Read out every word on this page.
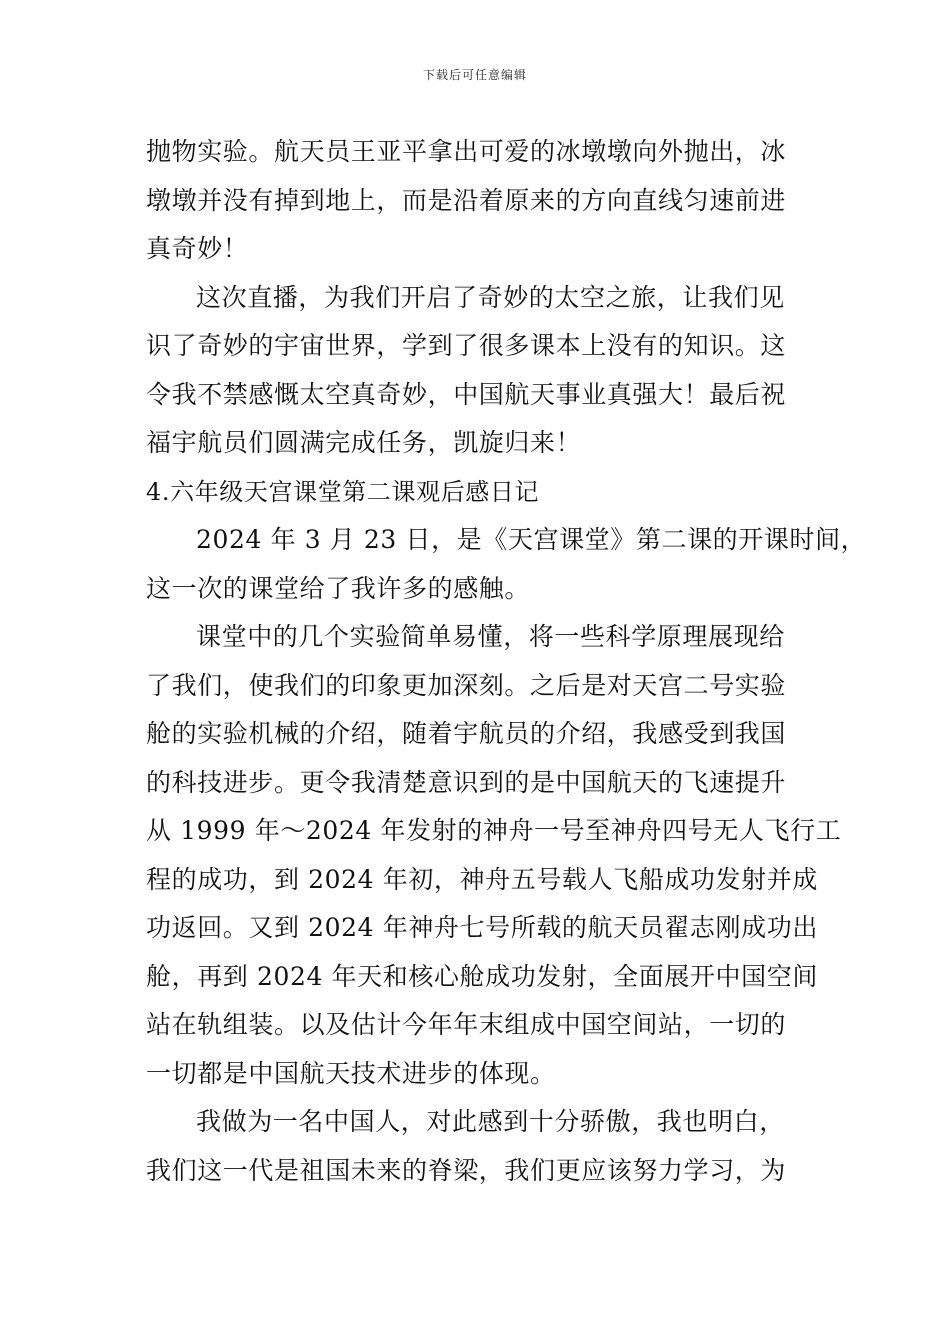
下载后可任意编辑
抛物实验。航天员王亚平拿出可爱的冰墩墩向外抛出，冰
墩墩并没有掉到地上，而是沿着原来的方向直线匀速前进
真奇妙！
这次直播，为我们开启了奇妙的太空之旅，让我们见
识了奇妙的宇宙世界，学到了很多课本上没有的知识。这
令我不禁感慨太空真奇妙，中国航天事业真强大！最后祝
福宇航员们圆满完成任务，凯旋归来！
4.六年级天宫课堂第二课观后感日记
2024 年 3 月 23 日，是《天宫课堂》第二课的开课时间，
这一次的课堂给了我许多的感触。
课堂中的几个实验简单易懂，将一些科学原理展现给
了我们，使我们的印象更加深刻。之后是对天宫二号实验
舱的实验机械的介绍，随着宇航员的介绍，我感受到我国
的科技进步。更令我清楚意识到的是中国航天的飞速提升
从 1999 年～2024 年发射的神舟一号至神舟四号无人飞行工
程的成功，到 2024 年初，神舟五号载人飞船成功发射并成
功返回。又到 2024 年神舟七号所载的航天员翟志刚成功出
舱，再到 2024 年天和核心舱成功发射，全面展开中国空间
站在轨组装。以及估计今年年末组成中国空间站，一切的
一切都是中国航天技术进步的体现。
我做为一名中国人，对此感到十分骄傲，我也明白，
我们这一代是祖国未来的脊梁，我们更应该努力学习，为
